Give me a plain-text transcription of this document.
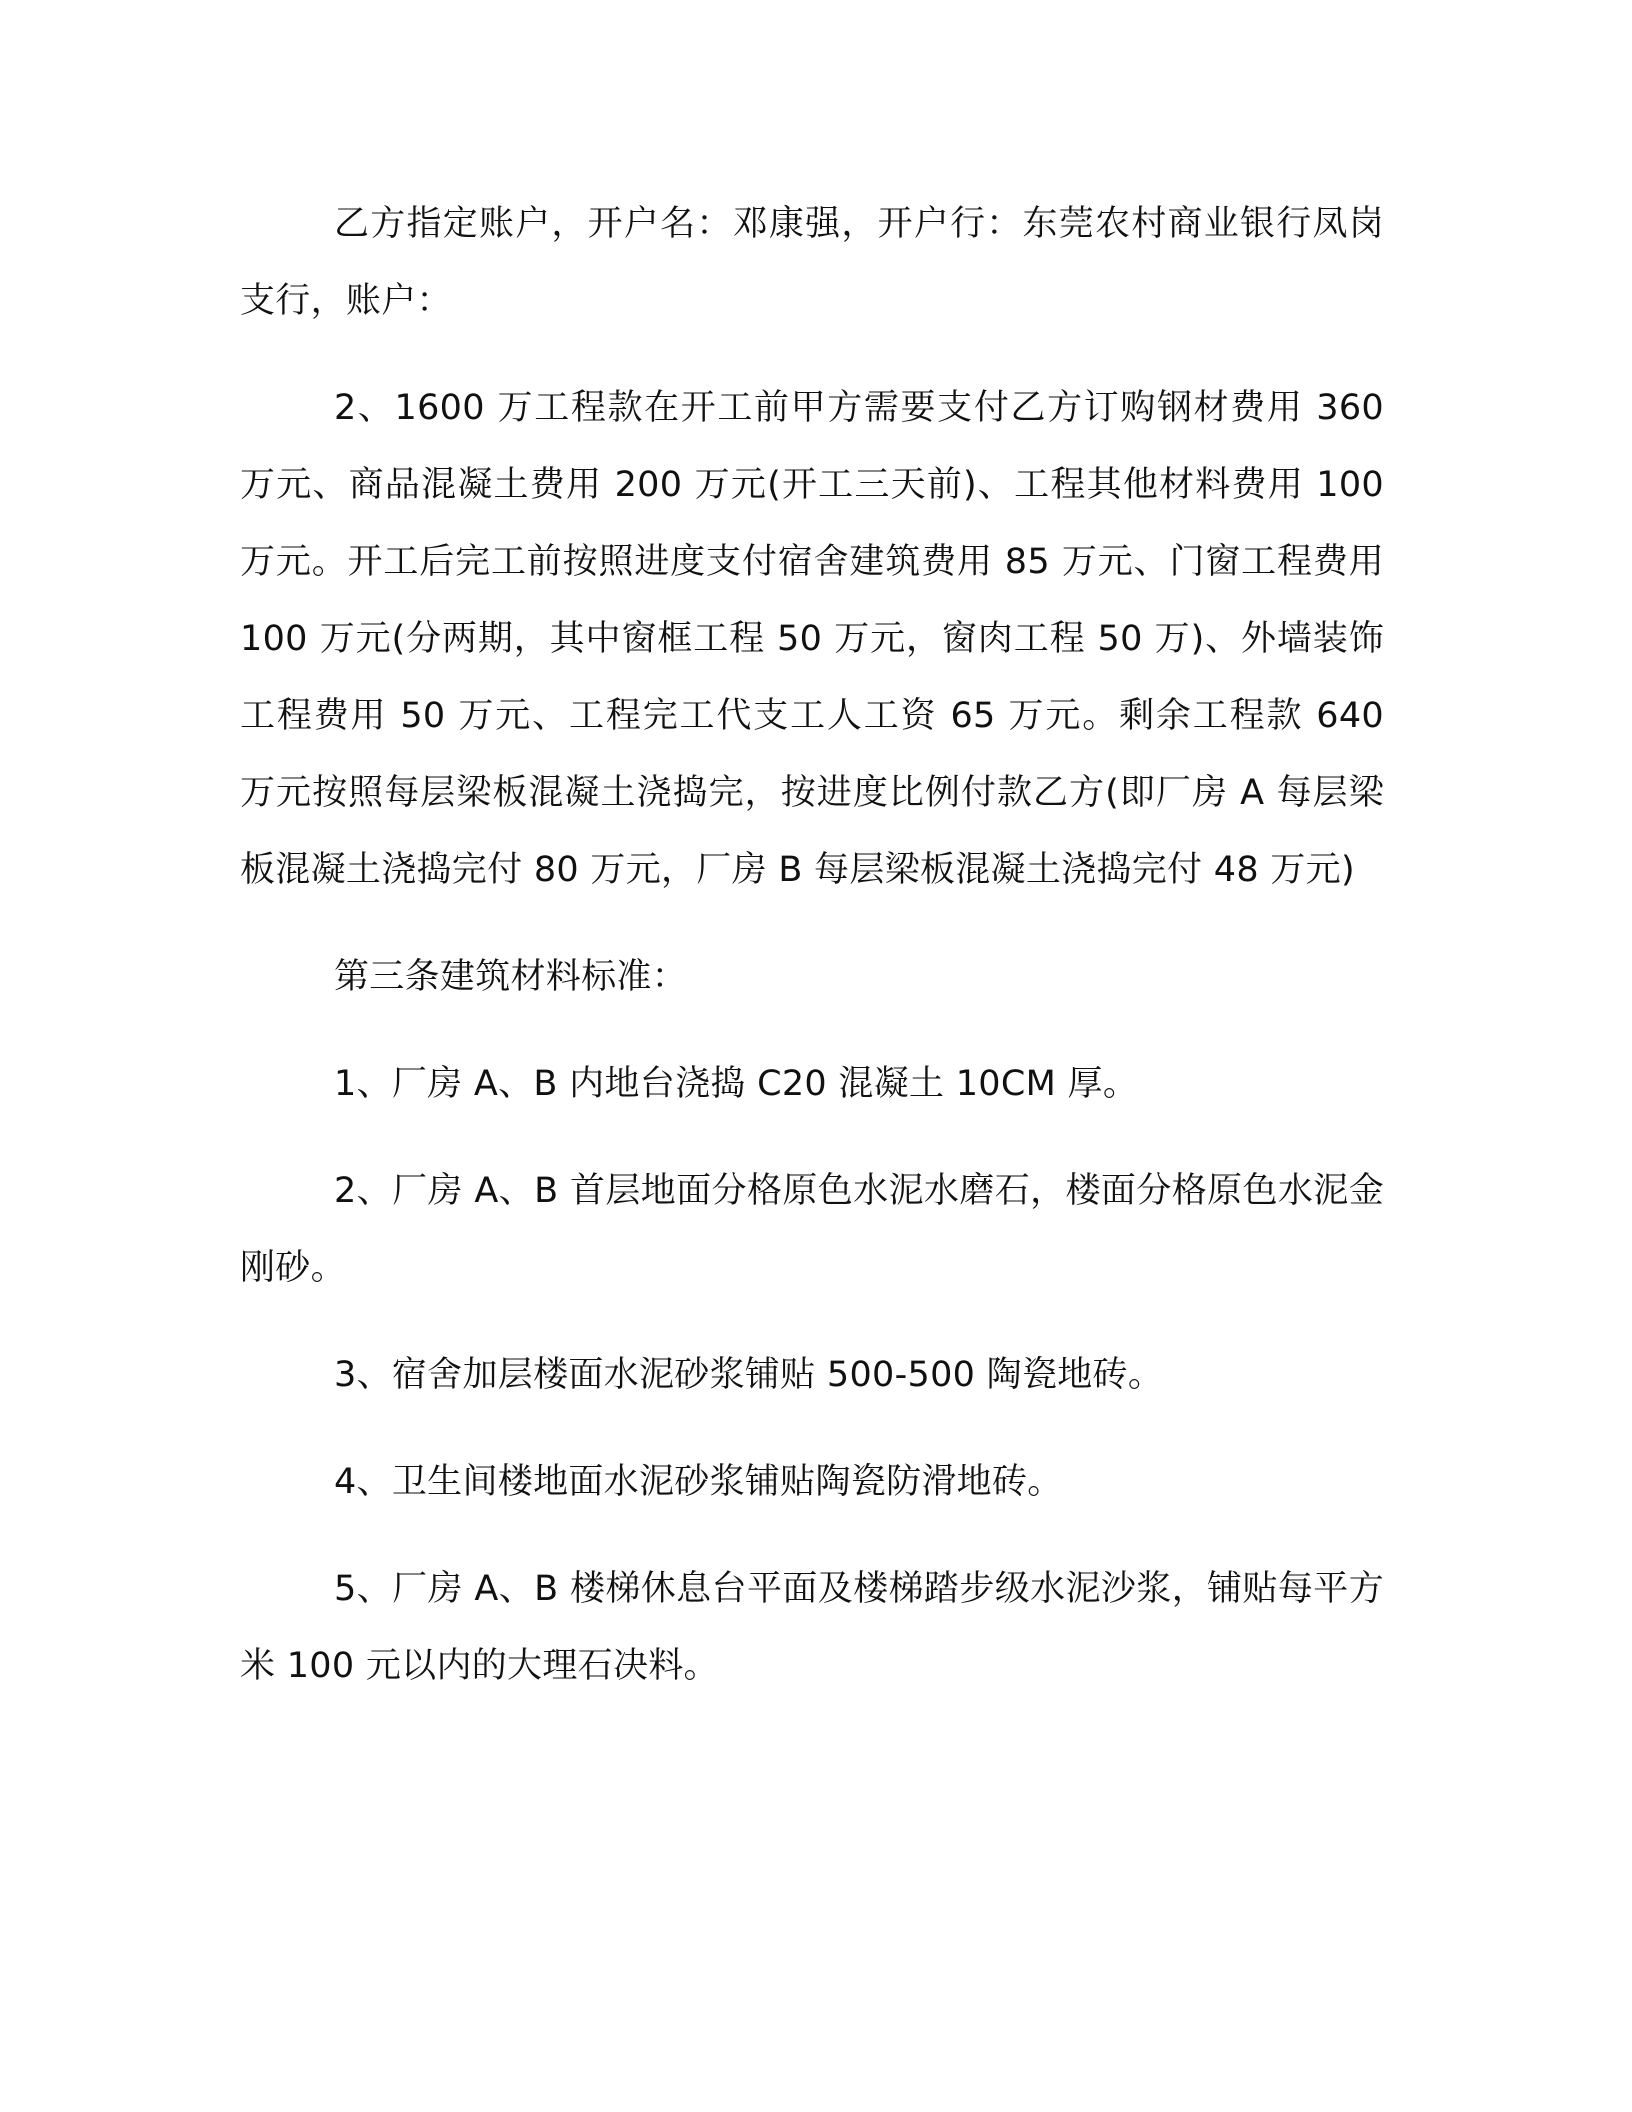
乙方指定账户，开户名：邓康强，开户行：东莞农村商业银行凤岗支行，账户：

2、1600 万工程款在开工前甲方需要支付乙方订购钢材费用 360 万元、商品混凝土费用 200 万元(开工三天前)、工程其他材料费用 100 万元。开工后完工前按照进度支付宿舍建筑费用 85 万元、门窗工程费用 100 万元(分两期，其中窗框工程 50 万元，窗肉工程 50 万)、外墙装饰工程费用 50 万元、工程完工代支工人工资 65 万元。剩余工程款 640 万元按照每层梁板混凝土浇捣完，按进度比例付款乙方(即厂房 A 每层梁板混凝土浇捣完付 80 万元，厂房 B 每层梁板混凝土浇捣完付 48 万元)

第三条建筑材料标准：

1、厂房 A、B 内地台浇捣 C20 混凝土 10CM 厚。

2、厂房 A、B 首层地面分格原色水泥水磨石，楼面分格原色水泥金刚砂。

3、宿舍加层楼面水泥砂浆铺贴 500-500 陶瓷地砖。

4、卫生间楼地面水泥砂浆铺贴陶瓷防滑地砖。

5、厂房 A、B 楼梯休息台平面及楼梯踏步级水泥沙浆，铺贴每平方米 100 元以内的大理石决料。
